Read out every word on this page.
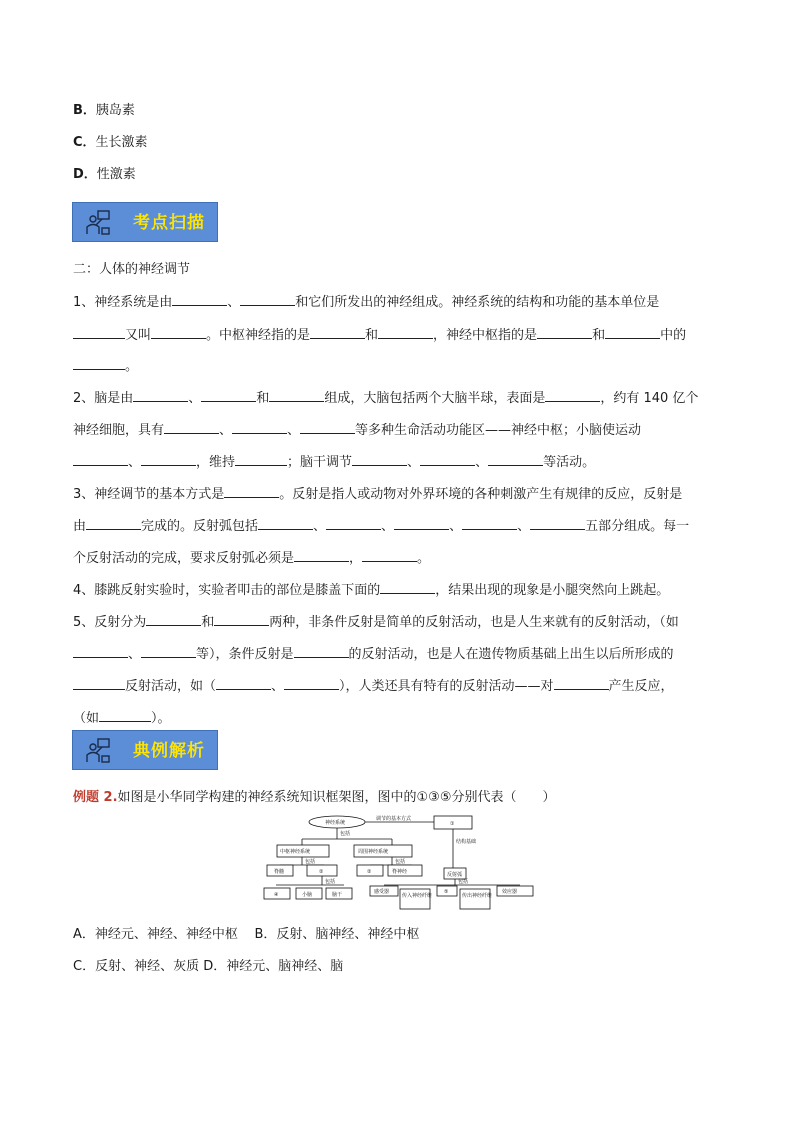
B．胰岛素
C．生长激素
D．性激素
考点扫描
二：人体的神经调节
1、神经系统是由	、	和它们所发出的神经组成。神经系统的结构和功能的基本单位是
又叫	。中枢神经指的是	和	，神经中枢指的是	和	中的
。
2、脑是由	、	和	组成，大脑包括两个大脑半球，表面是	，约有 140 亿个
神经细胞，具有	、	、	等多种生命活动功能区——神经中枢；小脑使运动
、	，维持	；脑干调节	、	、	等活动。
3、神经调节的基本方式是	。反射是指人或动物对外界环境的各种刺激产生有规律的反应，反射是
由	完成的。反射弧包括	、	、	、	、	五部分组成。每一
个反射活动的完成，要求反射弧必须是	，	。
4、膝跳反射实验时，实验者叩击的部位是膝盖下面的	，结果出现的现象是小腿突然向上跳起。
5、反射分为	和	两种，非条件反射是简单的反射活动，也是人生来就有的反射活动，（如
、	等），条件反射是	的反射活动，也是人在遗传物质基础上出生以后所形成的
反射活动，如（	、	），人类还具有特有的反射活动——对	产生反应，
（如	）。
典例解析
例题 2.如图是小华同学构建的神经系统知识框架图，图中的①③⑤分别代表（　　）
神经系统
调节的基本方式
①
包括
中枢神经系统	周围神经系统
包括	包括
脊髓	②	②	脊神经
包括
④	小脑	脑干
结构基础
反射弧
包括
感受器
传入神经纤维
⑤
传出神经纤维
效应器
A．神经元、神经、神经中枢 B．反射、脑神经、神经中枢
C．反射、神经、灰质 D．神经元、脑神经、脑
